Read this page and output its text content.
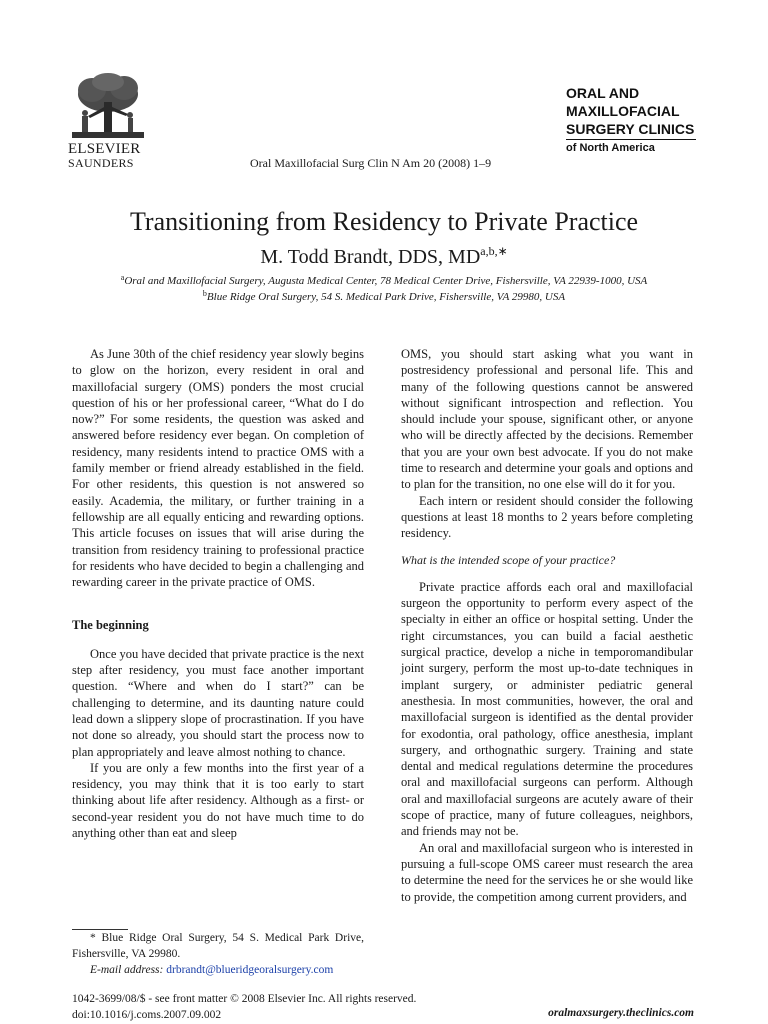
ELSEVIER
SAUNDERS	Oral Maxillofacial Surg Clin N Am 20 (2008) 1–9
ORAL AND
MAXILLOFACIAL
SURGERY CLINICS
of North America
Transitioning from Residency to Private Practice
M. Todd Brandt, DDS, $MD^{a,b,∗}$
$^a$Oral and Maxillofacial Surgery, Augusta Medical Center, 78 Medical Center Drive, Fishersville, VA 22939-1000, USA
$^b$Blue Ridge Oral Surgery, 54 S. Medical Park Drive, Fishersville, VA 29980, USA

As June 30th of the chief residency year slowly begins to glow on the horizon, every resident in oral and maxillofacial surgery (OMS) ponders the most crucial question of his or her professional career, “What do I do now?” For some residents, the question was asked and answered before residency ever began. On completion of residency, many residents intend to practice OMS with a family member or friend already established in the field. For other residents, this question is not answered so easily. Academia, the military, or further training in a fellowship are all equally enticing and rewarding options. This article focuses on issues that will arise during the transition from residency training to professional practice for residents who have decided to begin a challenging and rewarding career in the private practice of OMS.

The beginning

Once you have decided that private practice is the next step after residency, you must face another important question. “Where and when do I start?” can be challenging to determine, and its daunting nature could lead down a slippery slope of procrastination. If you have not done so already, you should start the process now to plan appropriately and leave almost nothing to chance.

If you are only a few months into the first year of a residency, you may think that it is too early to start thinking about life after residency. Although as a first- or second-year resident you do not have much time to do anything other than eat and sleep

OMS, you should start asking what you want in postresidency professional and personal life. This and many of the following questions cannot be answered without significant introspection and reflection. You should include your spouse, significant other, or anyone who will be directly affected by the decisions. Remember that you are your own best advocate. If you do not make time to research and determine your goals and options and to plan for the transition, no one else will do it for you.

Each intern or resident should consider the following questions at least 18 months to 2 years before completing residency.

What is the intended scope of your practice?

Private practice affords each oral and maxillofacial surgeon the opportunity to perform every aspect of the specialty in either an office or hospital setting. Under the right circumstances, you can build a facial aesthetic surgical practice, develop a niche in temporomandibular joint surgery, perform the most up-to-date techniques in implant surgery, or administer pediatric general anesthesia. In most communities, however, the oral and maxillofacial surgeon is identified as the dental provider for exodontia, oral pathology, office anesthesia, implant surgery, and orthognathic surgery. Training and state dental and medical regulations determine the procedures oral and maxillofacial surgeons can perform. Although oral and maxillofacial surgeons are acutely aware of their scope of practice, many of future colleagues, neighbors, and friends may not be.

An oral and maxillofacial surgeon who is interested in pursuing a full-scope OMS career must research the area to determine the need for the services he or she would like to provide, the competition among current providers, and

* Blue Ridge Oral Surgery, 54 S. Medical Park Drive, Fishersville, VA 29980.
E-mail address: drbrandt@blueridgeoralsurgery.com
1042-3699/08/$ - see front matter © 2008 Elsevier Inc. All rights reserved.
doi:10.1016/j.coms.2007.09.002	oralmaxsurgery.theclinics.com
